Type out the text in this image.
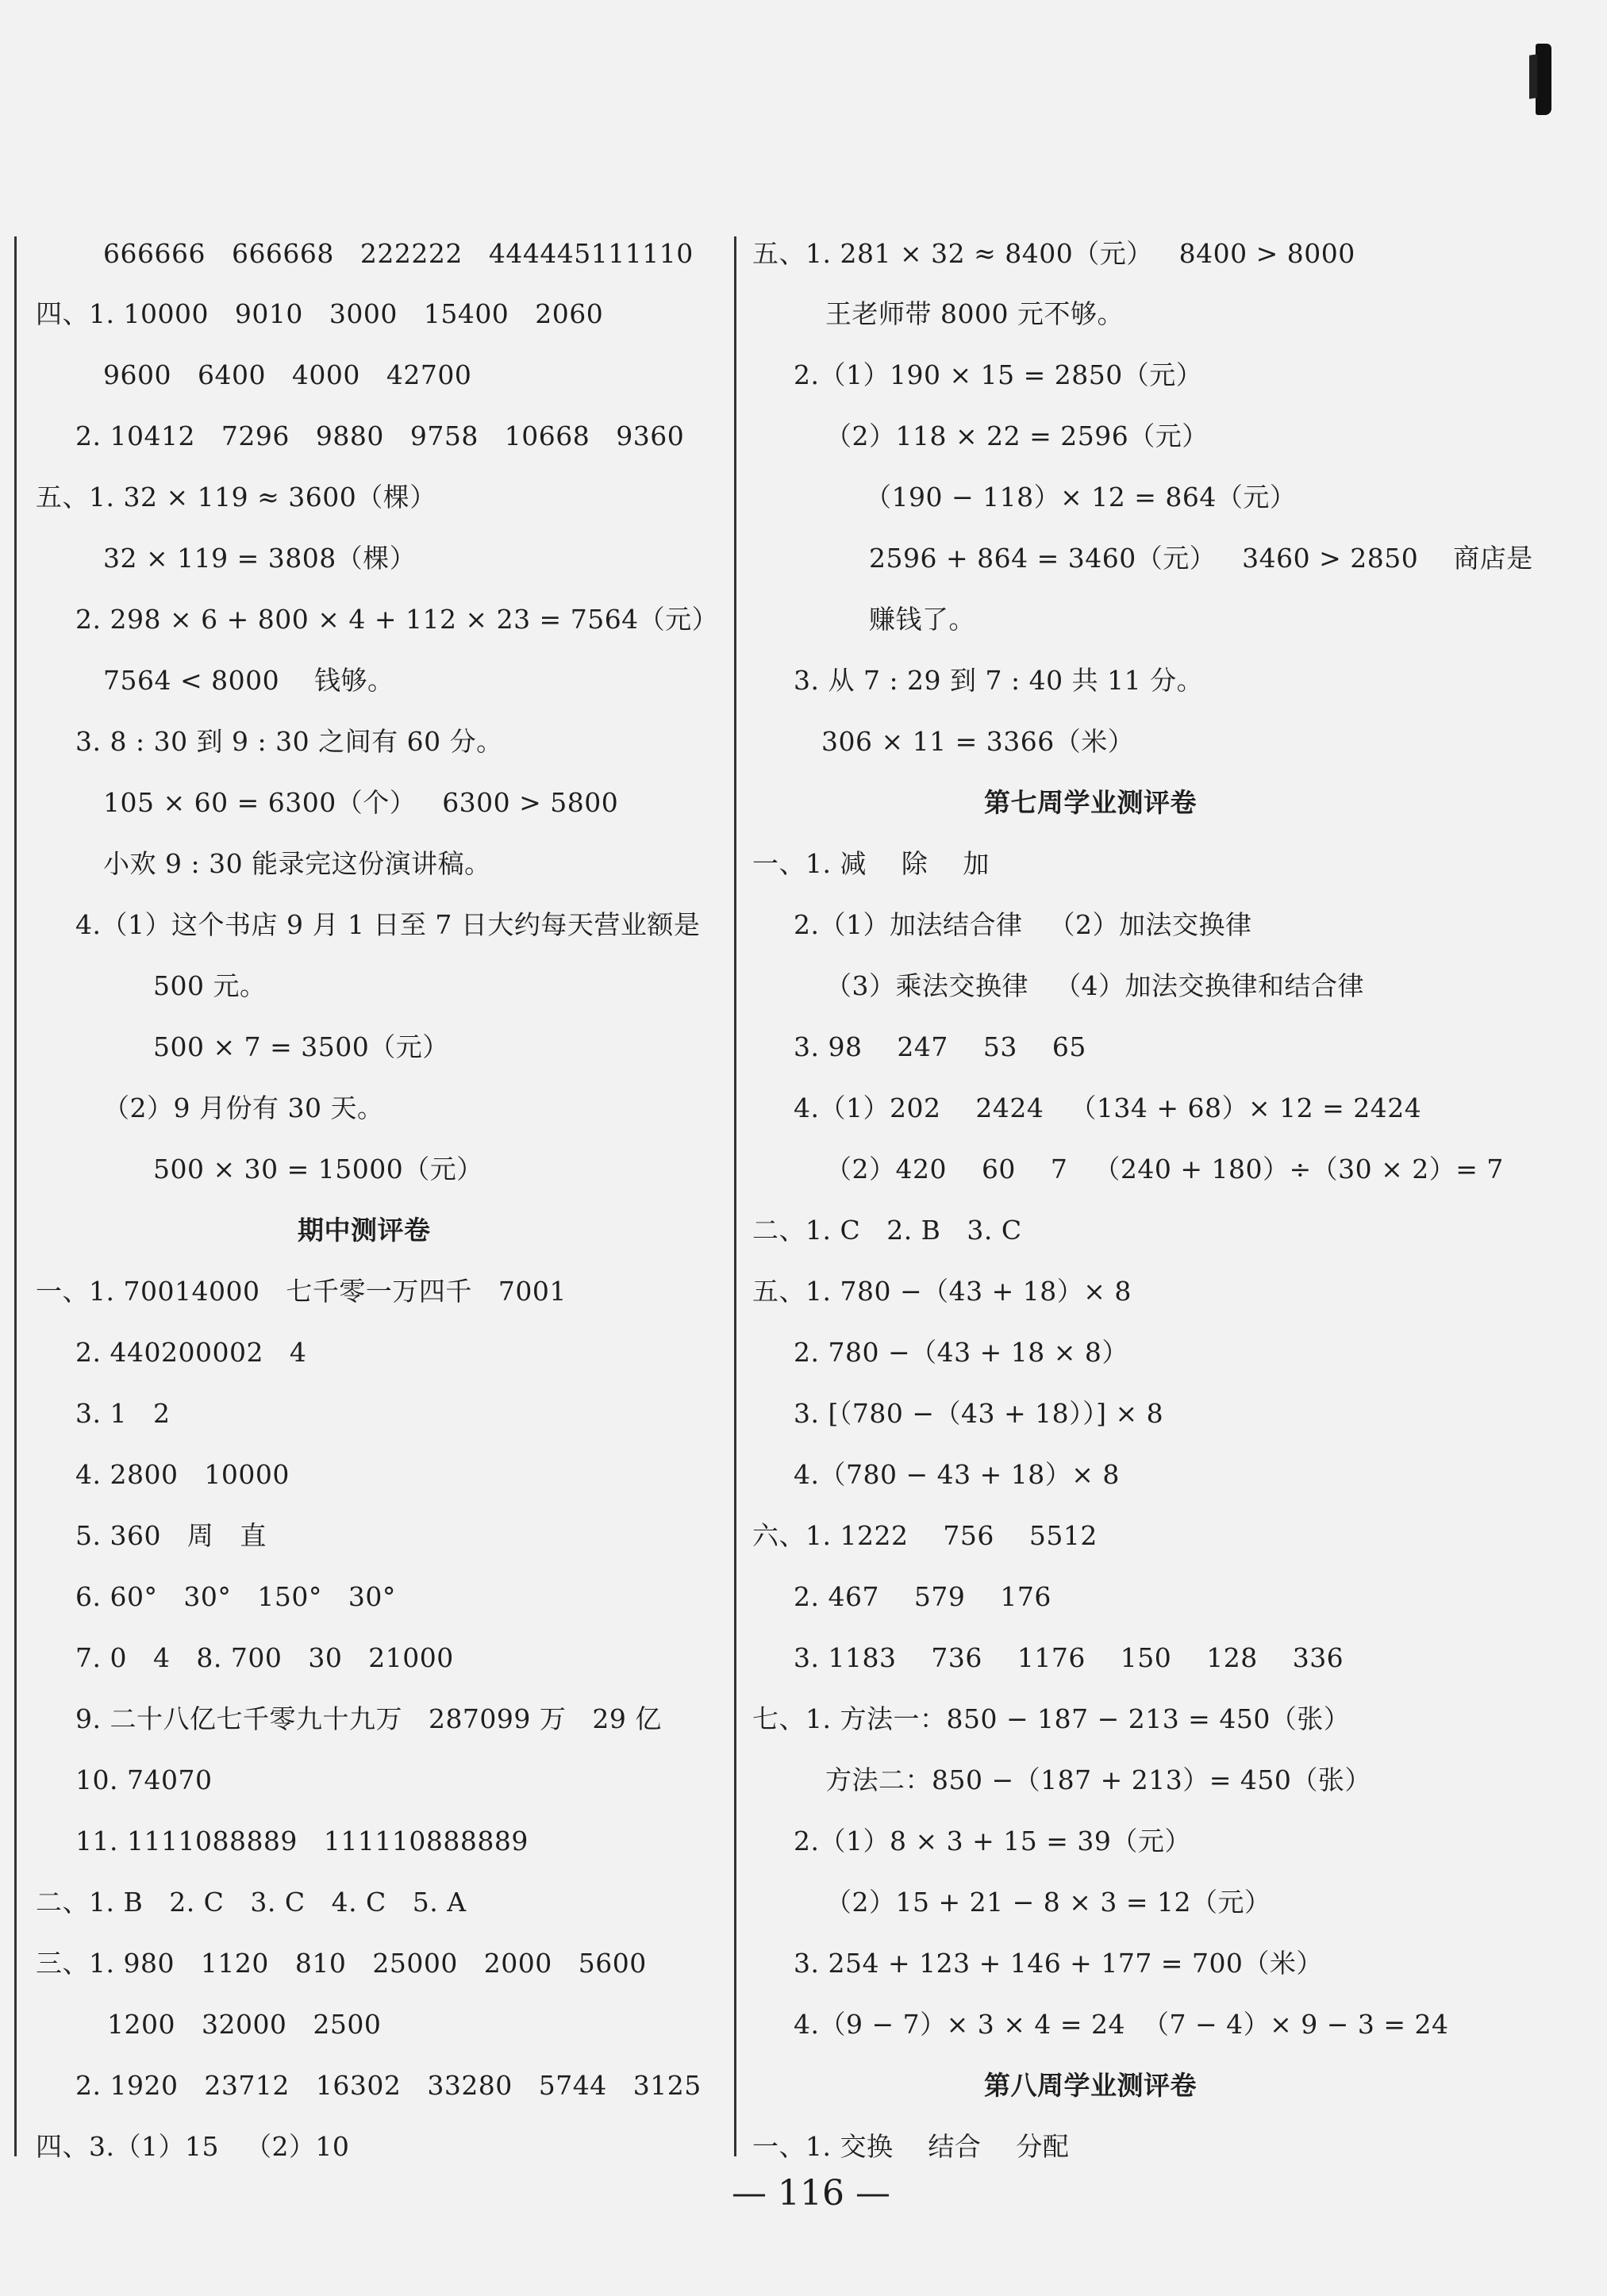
666666   666668   222222   444445111110
四、1. 10000   9010   3000   15400   2060
9600   6400   4000   42700
2. 10412   7296   9880   9758   10668   9360
五、1. 32 × 119 ≈ 3600（棵）
32 × 119 = 3808（棵）
2. 298 × 6 + 800 × 4 + 112 × 23 = 7564（元）
7564 < 8000    钱够。
3. 8 : 30 到 9 : 30 之间有 60 分。
105 × 60 = 6300（个）   6300 > 5800
小欢 9 : 30 能录完这份演讲稿。
4.（1）这个书店 9 月 1 日至 7 日大约每天营业额是
500 元。
500 × 7 = 3500（元）
（2）9 月份有 30 天。
500 × 30 = 15000（元）
期中测评卷
一、1. 70014000   七千零一万四千   7001
2. 440200002   4
3. 1   2
4. 2800   10000
5. 360   周   直
6. 60°   30°   150°   30°
7. 0   4   8. 700   30   21000
9. 二十八亿七千零九十九万   287099 万   29 亿
10. 74070
11. 1111088889   111110888889
二、1. B   2. C   3. C   4. C   5. A
三、1. 980   1120   810   25000   2000   5600
1200   32000   2500
2. 1920   23712   16302   33280   5744   3125
四、3.（1）15   （2）10
五、1. 281 × 32 ≈ 8400（元）   8400 > 8000
王老师带 8000 元不够。
2.（1）190 × 15 = 2850（元）
（2）118 × 22 = 2596（元）
（190 − 118）× 12 = 864（元）
2596 + 864 = 3460（元）   3460 > 2850    商店是
赚钱了。
3. 从 7 : 29 到 7 : 40 共 11 分。
306 × 11 = 3366（米）
第七周学业测评卷
一、1. 减    除    加
2.（1）加法结合律   （2）加法交换律
（3）乘法交换律   （4）加法交换律和结合律
3. 98    247    53    65
4.（1）202    2424   （134 + 68）× 12 = 2424
（2）420    60    7   （240 + 180）÷（30 × 2）= 7
二、1. C   2. B   3. C
五、1. 780 −（43 + 18）× 8
2. 780 −（43 + 18 × 8）
3. [（780 −（43 + 18））] × 8
4.（780 − 43 + 18）× 8
六、1. 1222    756    5512
2. 467    579    176
3. 1183    736    1176    150    128    336
七、1. 方法一：850 − 187 − 213 = 450（张）
方法二：850 −（187 + 213）= 450（张）
2.（1）8 × 3 + 15 = 39（元）
（2）15 + 21 − 8 × 3 = 12（元）
3. 254 + 123 + 146 + 177 = 700（米）
4.（9 − 7）× 3 × 4 = 24  （7 − 4）× 9 − 3 = 24
第八周学业测评卷
一、1. 交换    结合    分配
— 116 —
